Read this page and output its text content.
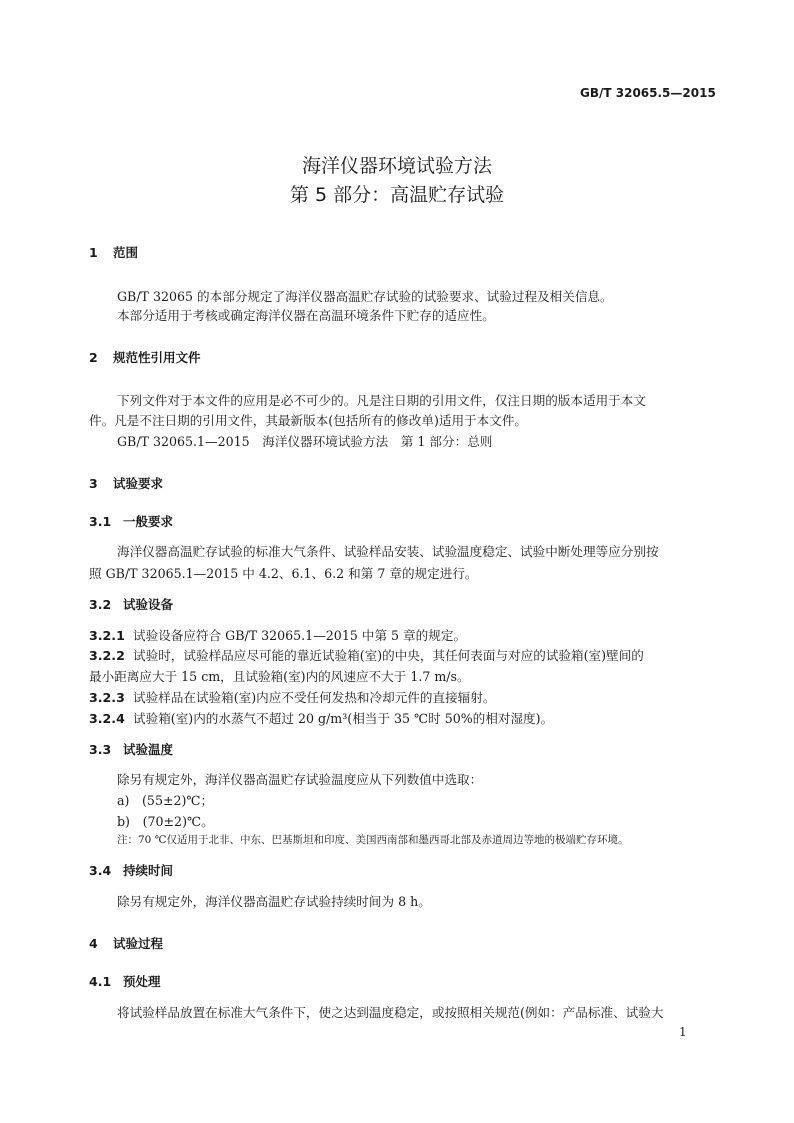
GB/T 32065.5—2015
海洋仪器环境试验方法
第 5 部分：高温贮存试验
1 范围
GB/T 32065 的本部分规定了海洋仪器高温贮存试验的试验要求、试验过程及相关信息。
本部分适用于考核或确定海洋仪器在高温环境条件下贮存的适应性。
2 规范性引用文件
下列文件对于本文件的应用是必不可少的。凡是注日期的引用文件，仅注日期的版本适用于本文
件。凡是不注日期的引用文件，其最新版本(包括所有的修改单)适用于本文件。
GB/T 32065.1—2015　海洋仪器环境试验方法　第 1 部分：总则
3 试验要求
3.1 一般要求
海洋仪器高温贮存试验的标准大气条件、试验样品安装、试验温度稳定、试验中断处理等应分别按
照 GB/T 32065.1—2015 中 4.2、6.1、6.2 和第 7 章的规定进行。
3.2 试验设备
3.2.1 试验设备应符合 GB/T 32065.1—2015 中第 5 章的规定。
3.2.2 试验时，试验样品应尽可能的靠近试验箱(室)的中央，其任何表面与对应的试验箱(室)壁间的
最小距离应大于 15 cm，且试验箱(室)内的风速应不大于 1.7 m/s。
3.2.3 试验样品在试验箱(室)内应不受任何发热和冷却元件的直接辐射。
3.2.4 试验箱(室)内的水蒸气不超过 20 g/m³(相当于 35 ℃时 50%的相对湿度)。
3.3 试验温度
除另有规定外，海洋仪器高温贮存试验温度应从下列数值中选取：
a)　(55±2)℃；
b)　(70±2)℃。
注：70 ℃仅适用于北非、中东、巴基斯坦和印度、美国西南部和墨西哥北部及赤道周边等地的极端贮存环境。
3.4 持续时间
除另有规定外，海洋仪器高温贮存试验持续时间为 8 h。
4 试验过程
4.1 预处理
将试验样品放置在标准大气条件下，使之达到温度稳定，或按照相关规范(例如：产品标准、试验大
1
